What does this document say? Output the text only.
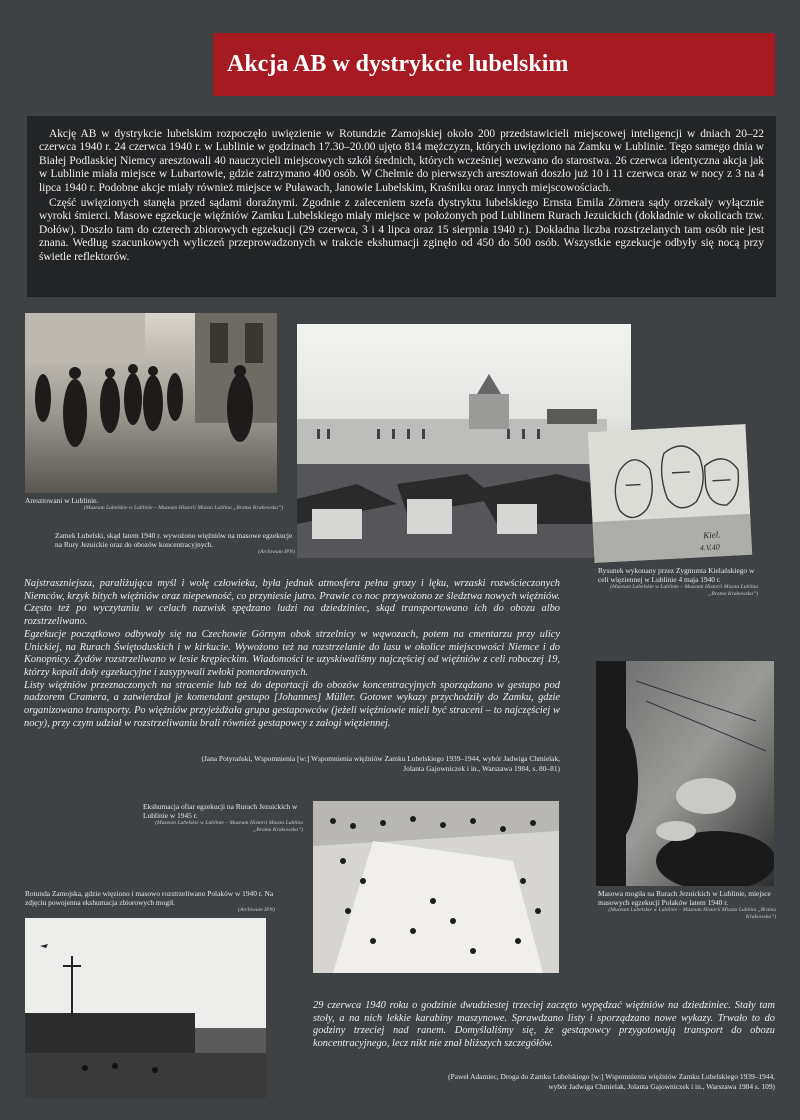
Akcja AB w dystrykcie lubelskim

Akcję AB w dystrykcie lubelskim rozpoczęło uwięzienie w Rotundzie Zamojskiej około 200 przedstawicieli miejscowej inteligencji w dniach 20–22 czerwca 1940 r. 24 czerwca 1940 r. w Lublinie w godzinach 17.30–20.00 ujęto 814 mężczyzn, których uwięziono na Zamku w Lublinie. Tego samego dnia w Białej Podlaskiej Niemcy aresztowali 40 nauczycieli miejscowych szkół średnich, których wcześniej wezwano do starostwa. 26 czerwca identyczna akcja jak w Lublinie miała miejsce w Lubartowie, gdzie zatrzymano 400 osób. W Chełmie do pierwszych aresztowań doszło już 10 i 11 czerwca oraz w nocy z 3 na 4 lipca 1940 r. Podobne akcje miały również miejsce w Puławach, Janowie Lubelskim, Kraśniku oraz innych miejscowościach.

Część uwięzionych stanęła przed sądami doraźnymi. Zgodnie z zaleceniem szefa dystryktu lubelskiego Ernsta Emila Zörnera sądy orzekały wyłącznie wyroki śmierci. Masowe egzekucje więźniów Zamku Lubelskiego miały miejsce w położonych pod Lublinem Rurach Jezuickich (dokładnie w okolicach tzw. Dołów). Doszło tam do czterech zbiorowych egzekucji (29 czerwca, 3 i 4 lipca oraz 15 sierpnia 1940 r.). Dokładna liczba rozstrzelanych tam osób nie jest znana. Według szacunkowych wyliczeń przeprowadzonych w trakcie ekshumacji zginęło od 450 do 500 osób. Wszystkie egzekucje odbyły się nocą przy świetle reflektorów.

Aresztowani w Lublinie.
(Muzeum Lubelskie w Lublinie – Muzeum Historii Miasta Lublina „Brama Krakowska”)
Zamek Lubelski, skąd latem 1940 r. wywożono więźniów na masowe egzekucje na Rury Jezuickie oraz do obozów koncentracyjnych.
(Archiwum IPN)
Kiel.
4.V.40
Rysunek wykonany przez Zygmunta Kielańskiego w celi więziennej w Lublinie 4 maja 1940 r.
(Muzeum Lubelskie w Lublinie – Muzeum Historii Miasta Lublina „Brama Krakowska”)

Najstraszniejsza, paraliżująca myśl i wolę człowieka, była jednak atmosfera pełna grozy i lęku, wrzaski rozwścieczonych Niemców, krzyk bitych więźniów oraz niepewność, co przyniesie jutro. Prawie co noc przywożono ze śledztwa nowych więźniów. Często też po wyczytaniu w celach nazwisk spędzano ludzi na dziedziniec, skąd transportowano ich do obozu albo rozstrzeliwano.

Egzekucje początkowo odbywały się na Czechowie Górnym obok strzelnicy w wąwozach, potem na cmentarzu przy ulicy Unickiej, na Rurach Świętoduskich i w kirkucie. Wywożono też na rozstrzelanie do lasu w okolice miejscowości Niemce i do Konopnicy. Żydów rozstrzeliwano w lesie krępieckim. Wiadomości te uzyskiwaliśmy najczęściej od więźniów z celi roboczej 19, którzy kopali doły egzekucyjne i zasypywali zwłoki pomordowanych.

Listy więźniów przeznaczonych na stracenie lub też do deportacji do obozów koncentracyjnych sporządzano w gestapo pod nadzorem Cramera, a zatwierdzał je komendant gestapo [Johannes] Müller. Gotowe wykazy przychodziły do Zamku, gdzie organizowano transporty. Po więźniów przyjeżdżała grupa gestapowców (jeżeli więźniowie mieli być straceni – to najczęściej w nocy), przy czym udział w rozstrzeliwaniu brali również gestapowcy z załogi więziennej.

(Jana Potyrański, Wspomnienia [w:] Wspomnienia więźniów Zamku Lubelskiego 1939–1944, wybór Jadwiga Chmielak,
Jolanta Gajowniczek i in., Warszawa 1984, s. 80–81)
Masowa mogiła na Rurach Jezuickich w Lublinie, miejsce masowych egzekucji Polaków latem 1940 r.
(Muzeum Lubelskie w Lublinie – Muzeum Historii Miasta Lublina „Brama Krakowska”)
Ekshumacja ofiar egzekucji na Rurach Jezuickich w Lublinie w 1945 r.
(Muzeum Lubelskie w Lublinie – Muzeum Historii Miasta Lublina „Brama Krakowska”)
Rotunda Zamojska, gdzie więziono i masowo rozstrzeliwano Polaków w 1940 r. Na zdjęciu powojenna ekshumacja zbiorowych mogił.
(Archiwum IPN)

29 czerwca 1940 roku o godzinie dwudziestej trzeciej zaczęto wypędzać więźniów na dziedziniec. Stały tam stoły, a na nich lekkie karabiny maszynowe. Sprawdzano listy i sporządzano nowe wykazy. Trwało to do godziny trzeciej nad ranem. Domyślaliśmy się, że gestapowcy przygotowują transport do obozu koncentracyjnego, lecz nikt nie znał bliższych szczegółów.

(Paweł Adamiec, Droga do Zamku Lubelskiego [w:] Wspomnienia więźniów Zamku Lubelskiego 1939–1944,
wybór Jadwiga Chmielak, Jolanta Gajowniczek i in., Warszawa 1984 s. 109)
